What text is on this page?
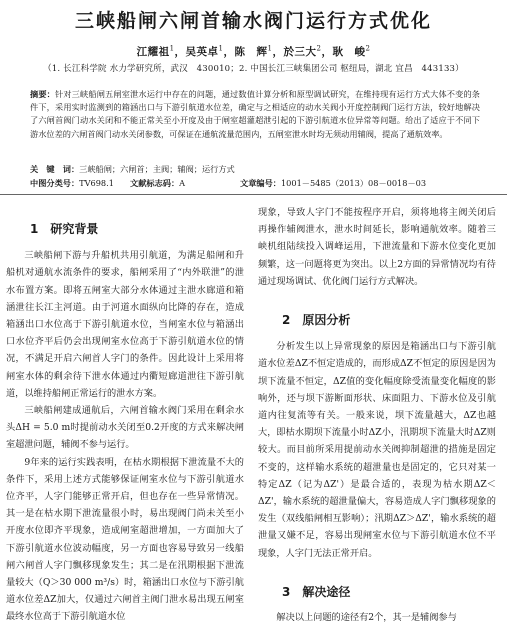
三峡船闸六闸首输水阀门运行方式优化
江耀祖$^1$，吴英卓$^1$，陈　辉$^1$，於三大$^2$，耿　峻$^2$
（1. 长江科学院 水力学研究所，武汉　430010；2. 中国长江三峡集团公司 枢纽局，湖北 宜昌　443133）
摘要：针对三峡船闸五闸室泄水运行中存在的问题，通过数值计算分析和原型调试研究，在维持现有运行方式大体不变的条件下，采用实时监测到的箱涵出口与下游引航道水位差，确定与之相适应的动水关阀小开度控制阀门运行方法，较好地解决了六闸首阀门动水关闭和不能正常关至小开度及由于闸室超灌超泄引起的下游引航道水位异常等问题。给出了适应于不同下游水位差的六闸首阀门动水关闭参数，可保证在通航流量范围内，五闸室泄水时均无须动用辅阀，提高了通航效率。
关　键　词：三峡船闸；六闸首；主阀；辅阀；运行方式
中图分类号：TV698.1	文献标志码：A	文章编号：1001－5485（2013）08－0018－03

1　 研究背景

三峡船闸下游与升船机共用引航道，为满足船闸和升船机对通航水流条件的要求，船闸采用了“内外联泄”的泄水布置方案。即将五闸室大部分水体通过主泄水廊道和箱涵泄往长江主河道。由于河道水面纵向比降的存在，造成箱涵出口水位高于下游引航道水位，当闸室水位与箱涵出口水位齐平后仍会出现闸室水位高于下游引航道水位的情况，不满足开启六闸首人字门的条件。因此设计上采用将闸室水体的剩余待下泄水体通过内衢短廊道泄往下游引航道，以维持船闸正常运行的泄水方案。

三峡船闸建成通航后，六闸首输水阀门采用在剩余水头ΔH = 5.0 m时提前动水关闭至0.2开度的方式来解决闸室超泄问题，辅阀不参与运行。

9年来的运行实践表明，在枯水期根据下泄流量不大的条件下，采用上述方式能够保证闸室水位与下游引航道水位齐平，人字门能够正常开启，但也存在一些异常情况。其一是在枯水期下泄流量很小时，易出现阀门尚未关至小开度水位即齐平现象，造成闸室超泄增加，一方面加大了下游引航道水位波动幅度，另一方面也容易导致另一线船闸六闸首人字门飘移现象发生；其二是在汛期根据下泄流量较大（Q＞30 000 m³/s）时，箱涵出口水位与下游引航道水位差ΔZ加大，仅通过六闸首主阀门泄水易出现五闸室最终水位高于下游引航道水位

现象，导致人字门不能按程序开启，须将地将主阀关闭后再操作辅阀泄水，泄水时间延长，影响通航效率。随着三峡机组陆续投入调峰运用，下泄流量和下游水位变化更加频繁，这一问题将更为突出。以上2方面的异常情况均有待通过现场调试、优化阀门运行方式解决。

2　 原因分析

分析发生以上异常现象的原因是箱涵出口与下游引航道水位差ΔZ不恒定造成的，而形成ΔZ不恒定的原因是因为坝下流量不恒定，ΔZ值的变化幅度除受流量变化幅度的影响外，还与坝下游断面形状、床面阻力、下游水位及引航道内往复流等有关。一般来说，坝下流量越大，ΔZ也越大，即枯水期坝下流量小时ΔZ小，汛期坝下流量大时ΔZ则较大。而目前所采用提前动水关阀抑制超泄的措施是固定不变的，这样输水系统的超泄量也是固定的，它只对某一特定ΔZ（记为ΔZ'）是最合适的，表现为枯水期ΔZ＜ΔZ'，输水系统的超泄量偏大，容易造成人字门飘移现象的发生（双线船闸相互影响）；汛期ΔZ＞ΔZ'，输水系统的超泄量又嫌不足，容易出现闸室水位与下游引航道水位不平现象，人字门无法正常开启。

3　 解决途径

解决以上问题的途径有2个，其一是辅阀参与
